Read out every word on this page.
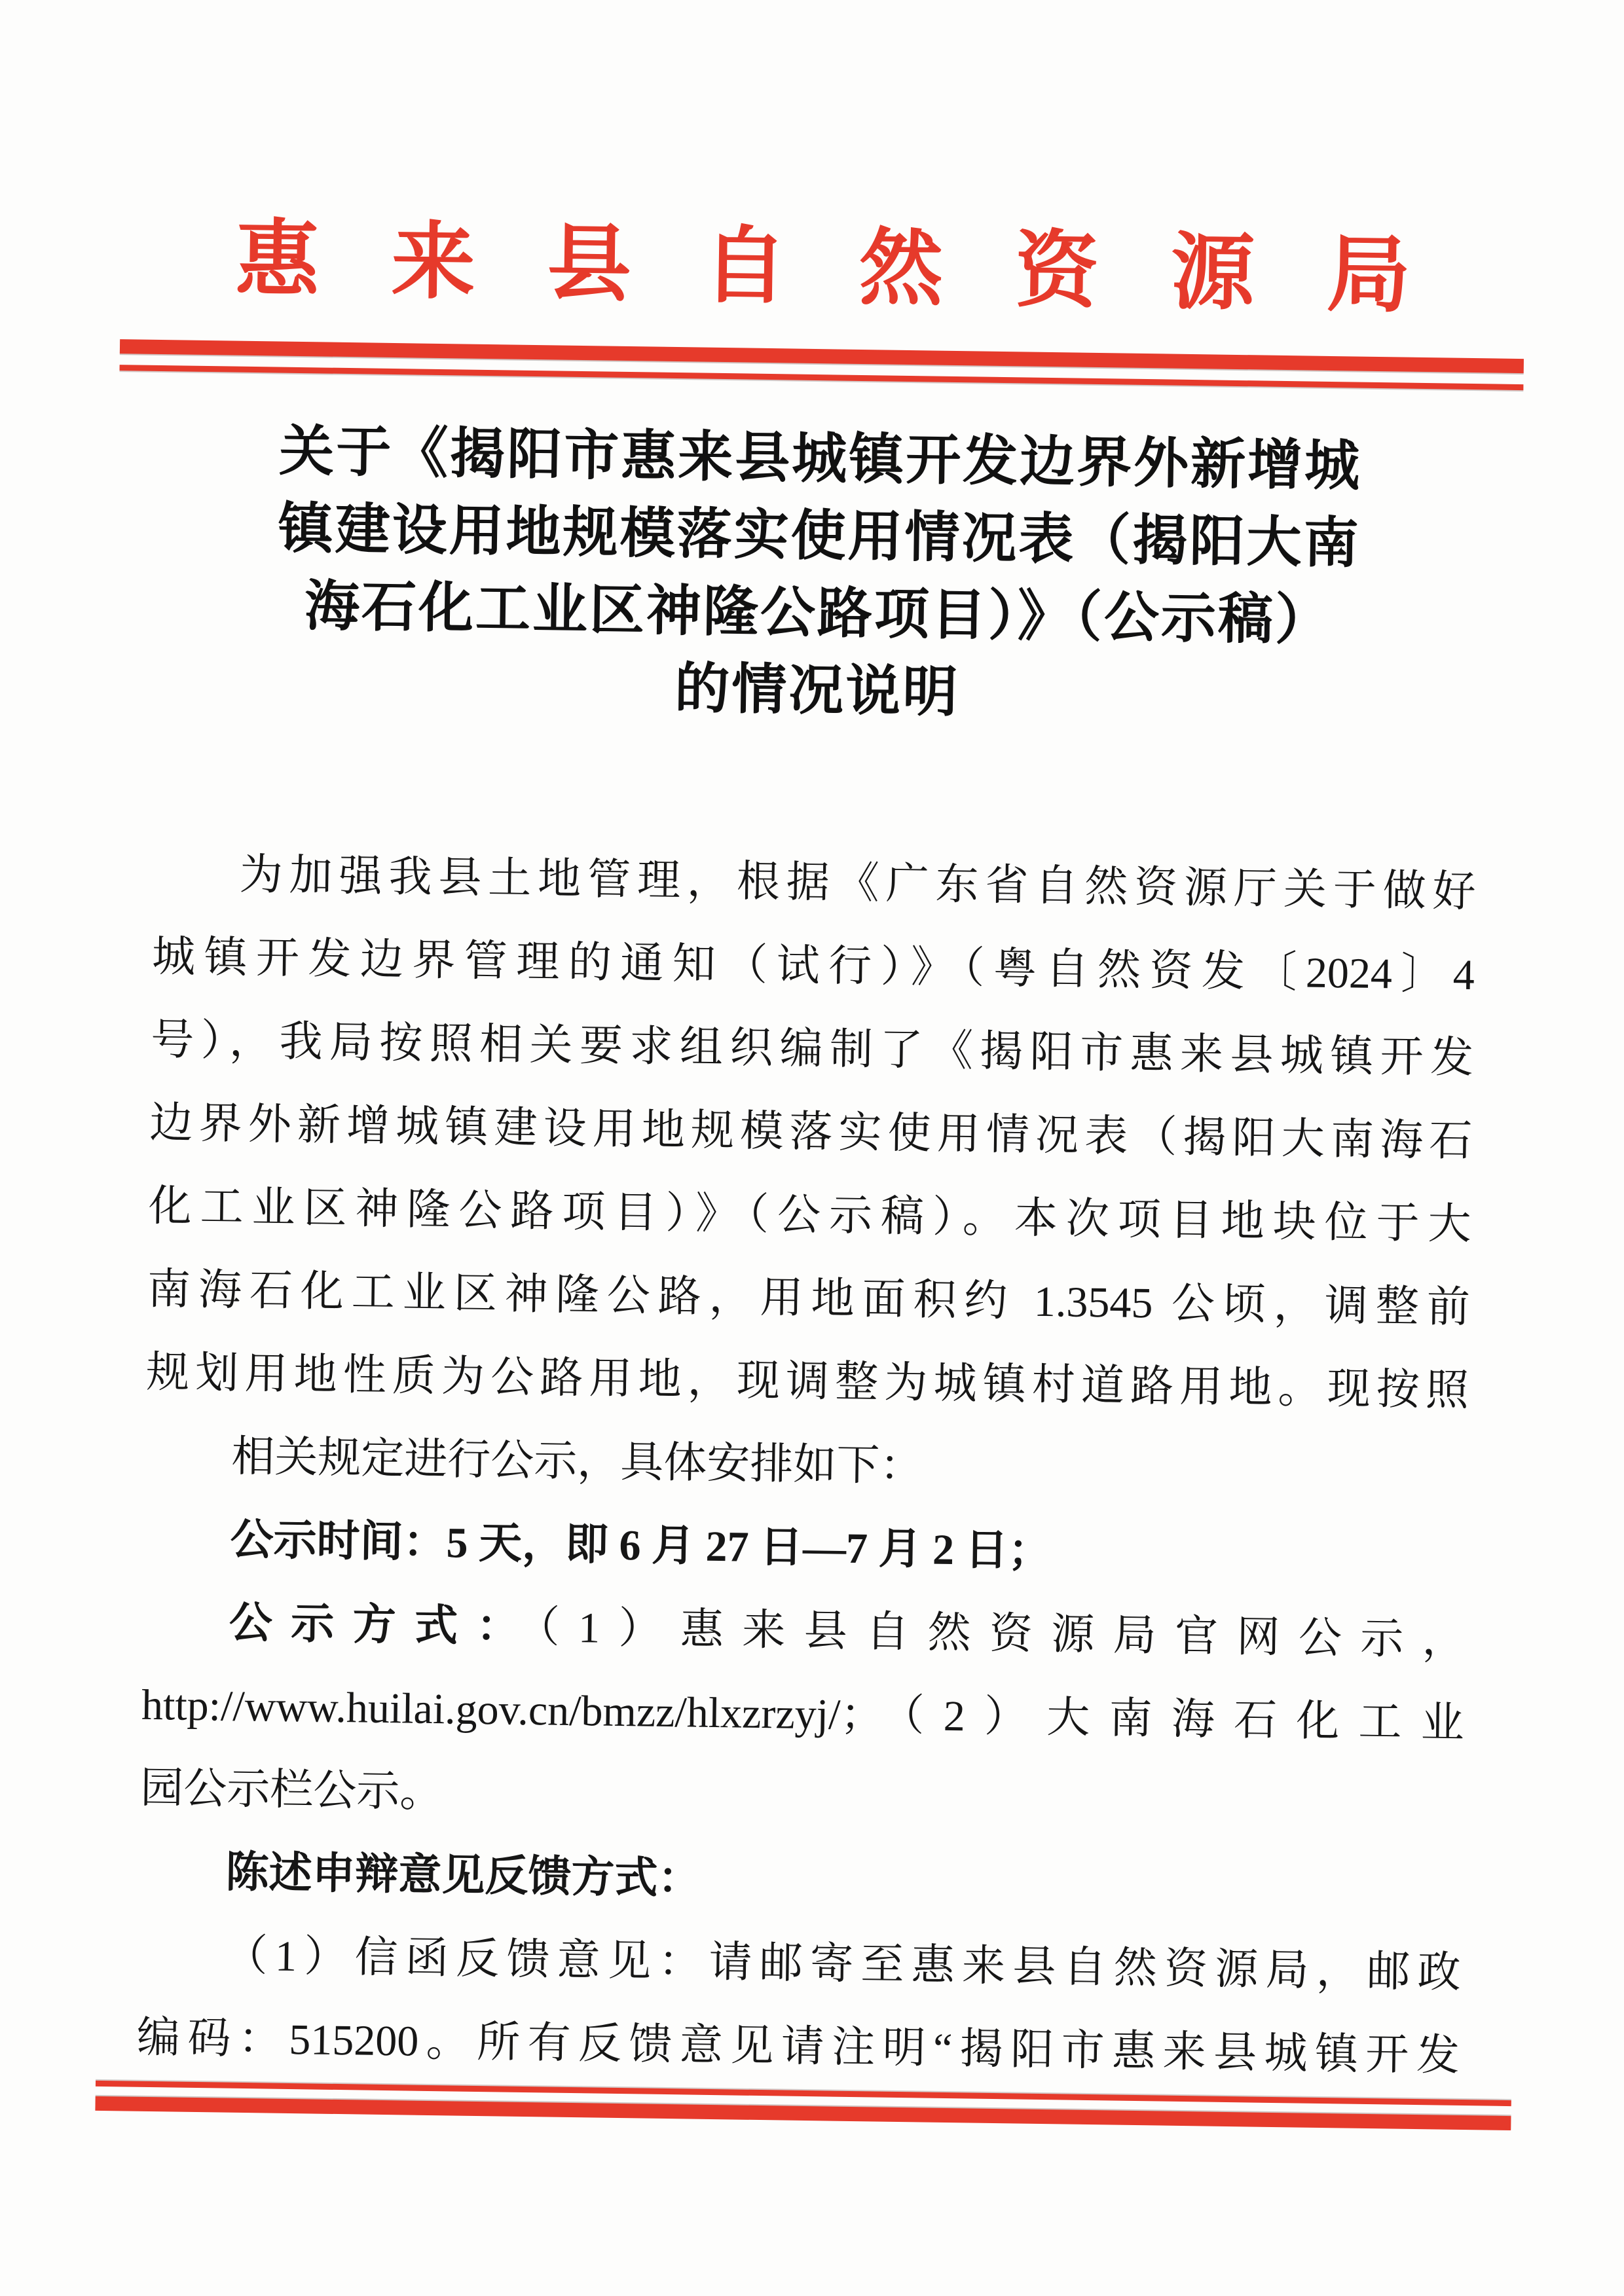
惠来县自然资源局
关于《揭阳市惠来县城镇开发边界外新增城
镇建设用地规模落实使用情况表（揭阳大南
海石化工业区神隆公路项目）》（公示稿）
的情况说明
为加强我县土地管理，根据《广东省自然资源厅关于做好
城镇开发边界管理的通知（试行）》（粤自然资发〔2024〕4
号），我局按照相关要求组织编制了《揭阳市惠来县城镇开发
边界外新增城镇建设用地规模落实使用情况表（揭阳大南海石
化工业区神隆公路项目）》（公示稿）。本次项目地块位于大
南海石化工业区神隆公路，用地面积约 1.3545 公顷，调整前
规划用地性质为公路用地，现调整为城镇村道路用地。现按照
相关规定进行公示，具体安排如下：
公示时间：5 天，即 6 月 27 日—7 月 2 日；
公示方式：（1）惠来县自然资源局官网公示，
http://www.huilai.gov.cn/bmzz/hlxzrzyj/；（2）大南海石化工业
园公示栏公示。
陈述申辩意见反馈方式：
（1）信函反馈意见：请邮寄至惠来县自然资源局，邮政
编码：515200。所有反馈意见请注明“揭阳市惠来县城镇开发
